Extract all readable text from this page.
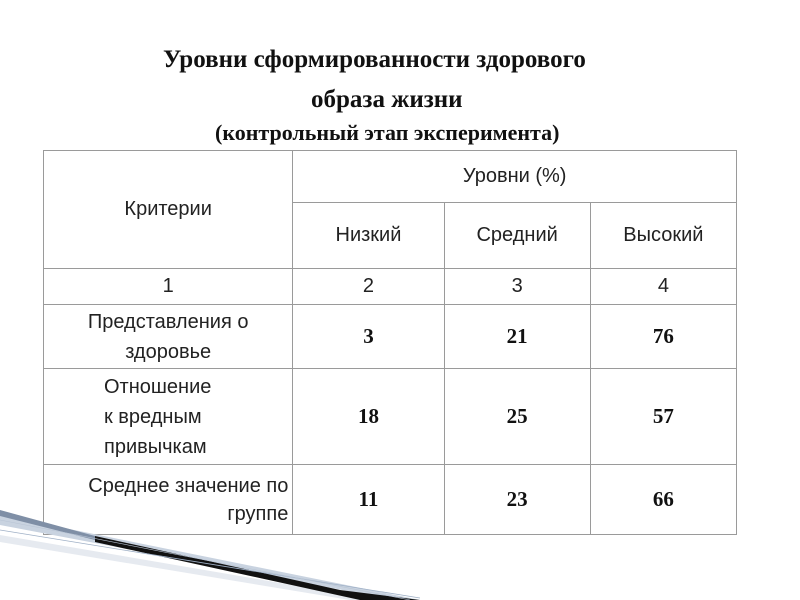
Уровни сформированности здорового
образа жизни
(контрольный этап эксперимента)
Критерии	Уровни (%)		
	Низкий	Средний	Высокий
1	2	3	4

Представления о
здоровье	3	21	76

Отношение
к вредным
привычкам	18	25	57

Среднее значение по
группе	11	23	66
